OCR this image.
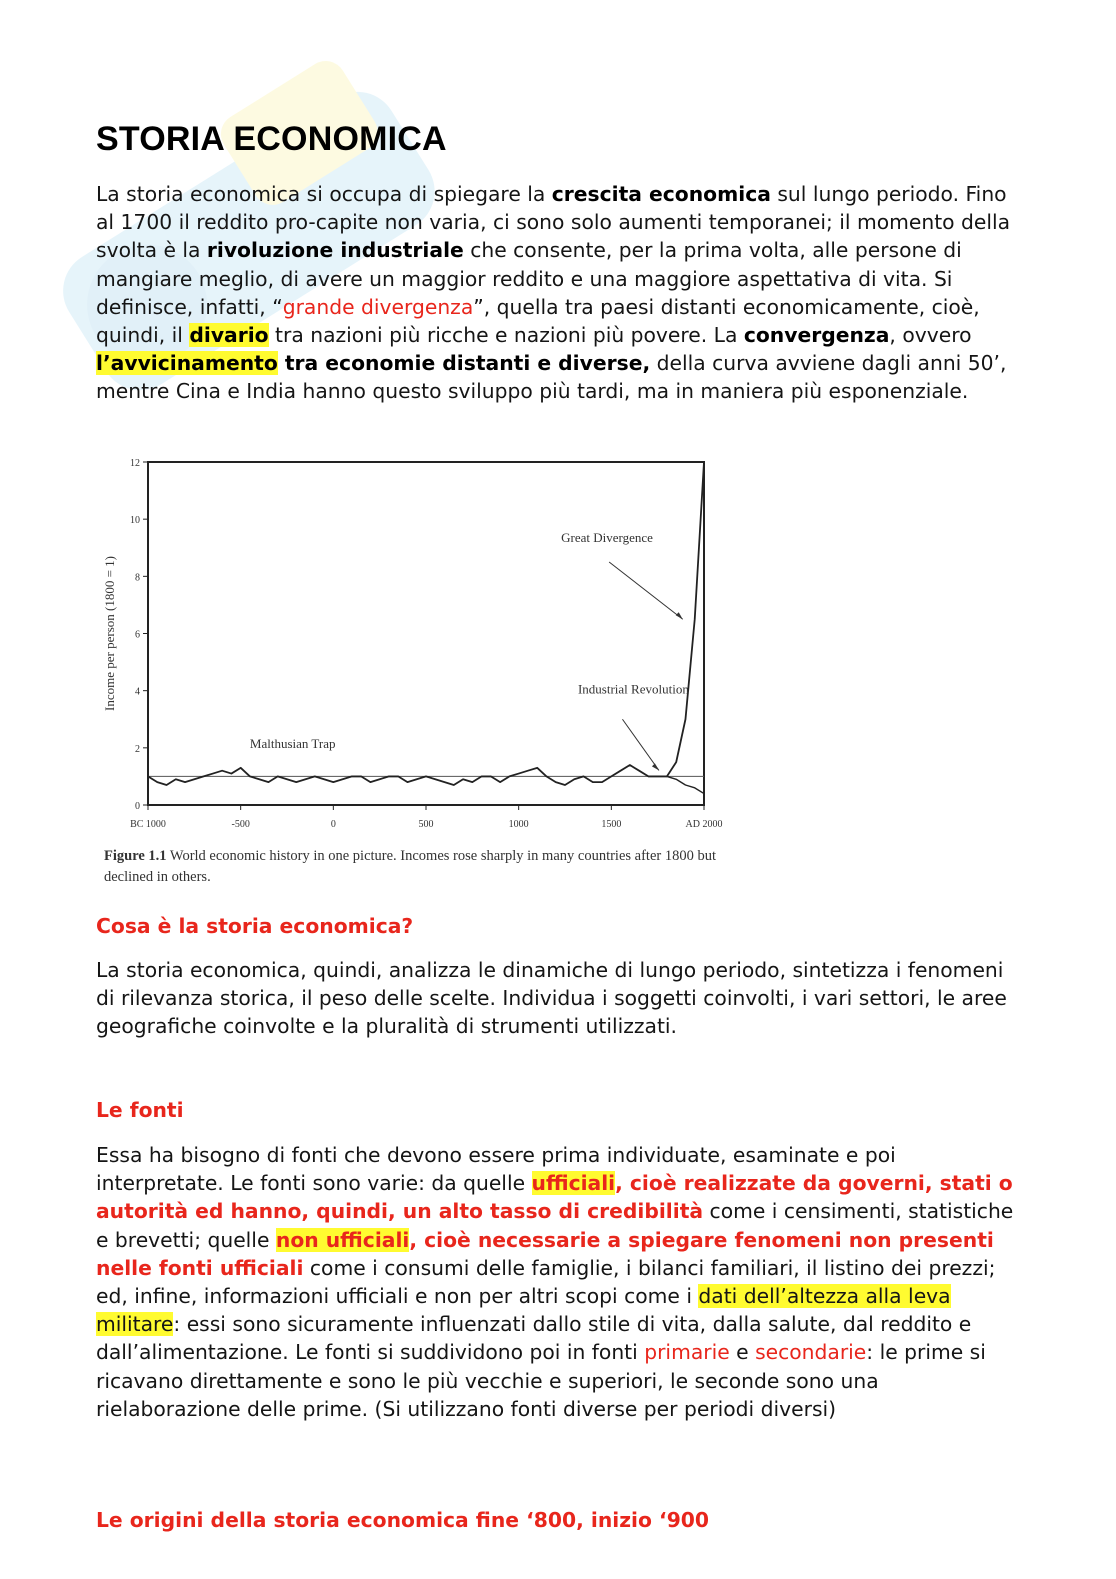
STORIA ECONOMICA

La storia economica si occupa di spiegare la crescita economica sul lungo periodo. Fino al 1700 il reddito pro-capite non varia, ci sono solo aumenti temporanei; il momento della svolta è la rivoluzione industriale che consente, per la prima volta, alle persone di mangiare meglio, di avere un maggior reddito e una maggiore aspettativa di vita. Si definisce, infatti, “grande divergenza”, quella tra paesi distanti economicamente, cioè, quindi, il divario tra nazioni più ricche e nazioni più povere. La convergenza, ovvero l’avvicinamento tra economie distanti e diverse, della curva avviene dagli anni 50’, mentre Cina e India hanno questo sviluppo più tardi, ma in maniera più esponenziale.

0
2
4
6
8
10
12
BC 1000	-500	0	500	1000	1500	AD 2000
Income per person (1800 = 1)
Great Divergence
Industrial Revolution
Malthusian Trap
Figure 1.1 World economic history in one picture. Incomes rose sharply in many countries after 1800 but declined in others.
Cosa è la storia economica?

La storia economica, quindi, analizza le dinamiche di lungo periodo, sintetizza i fenomeni di rilevanza storica, il peso delle scelte. Individua i soggetti coinvolti, i vari settori, le aree geografiche coinvolte e la pluralità di strumenti utilizzati.

Le fonti

Essa ha bisogno di fonti che devono essere prima individuate, esaminate e poi interpretate. Le fonti sono varie: da quelle ufficiali, cioè realizzate da governi, stati o autorità ed hanno, quindi, un alto tasso di credibilità come i censimenti, statistiche e brevetti; quelle non ufficiali, cioè necessarie a spiegare fenomeni non presenti nelle fonti ufficiali come i consumi delle famiglie, i bilanci familiari, il listino dei prezzi; ed, infine, informazioni ufficiali e non per altri scopi come i dati dell’altezza alla leva militare: essi sono sicuramente influenzati dallo stile di vita, dalla salute, dal reddito e dall’alimentazione. Le fonti si suddividono poi in fonti primarie e secondarie: le prime si ricavano direttamente e sono le più vecchie e superiori, le seconde sono una rielaborazione delle prime. (Si utilizzano fonti diverse per periodi diversi)

Le origini della storia economica fine ‘800, inizio ‘900
